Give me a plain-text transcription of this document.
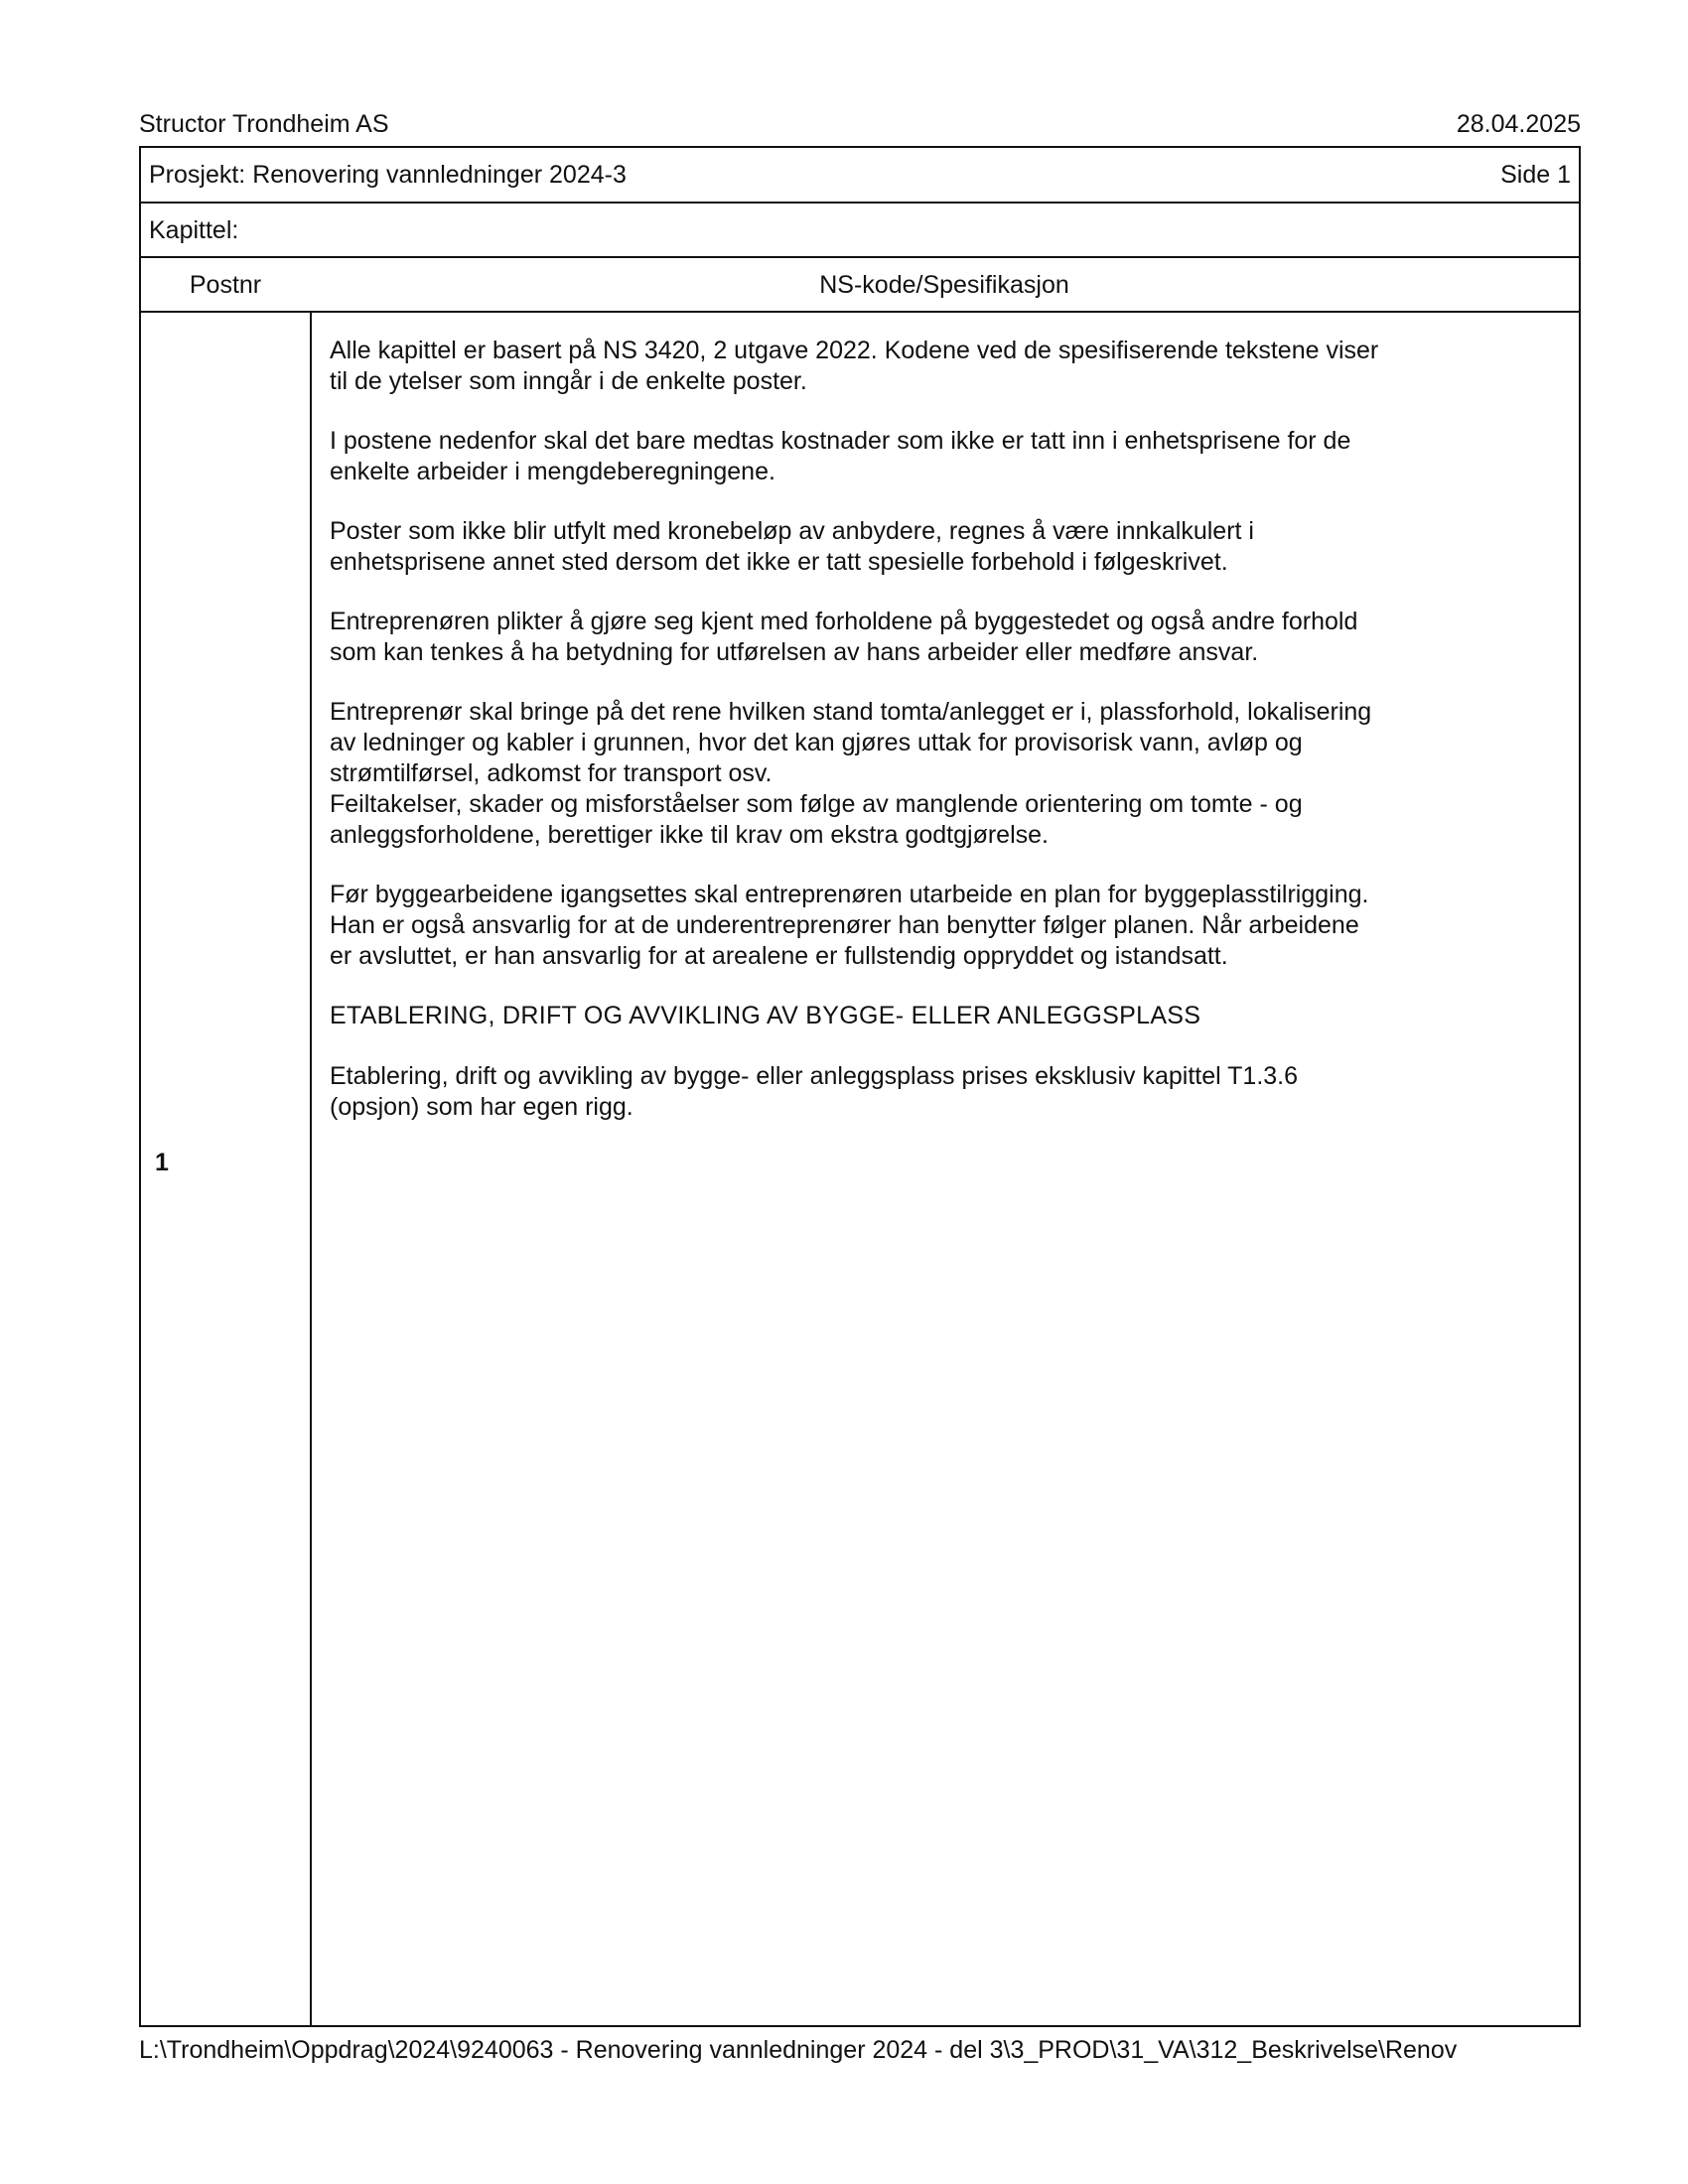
Structor Trondheim AS	28.04.2025
Prosjekt: Renovering vannledninger 2024-3	Side 1
Kapittel:
Postnr	NS-kode/Spesifikasjon
1

Alle kapittel er basert på NS 3420, 2 utgave 2022. Kodene ved de spesifiserende tekstene viser
til de ytelser som inngår i de enkelte poster.

I postene nedenfor skal det bare medtas kostnader som ikke er tatt inn i enhetsprisene for de
enkelte arbeider i mengdeberegningene.

Poster som ikke blir utfylt med kronebeløp av anbydere, regnes å være innkalkulert i
enhetsprisene annet sted dersom det ikke er tatt spesielle forbehold i følgeskrivet.

Entreprenøren plikter å gjøre seg kjent med forholdene på byggestedet og også andre forhold
som kan tenkes å ha betydning for utførelsen av hans arbeider eller medføre ansvar.

Entreprenør skal bringe på det rene hvilken stand tomta/anlegget er i, plassforhold, lokalisering
av ledninger og kabler i grunnen, hvor det kan gjøres uttak for provisorisk vann, avløp og
strømtilførsel, adkomst for transport osv.
Feiltakelser, skader og misforståelser som følge av manglende orientering om tomte - og
anleggsforholdene, berettiger ikke til krav om ekstra godtgjørelse.

Før byggearbeidene igangsettes skal entreprenøren utarbeide en plan for byggeplasstilrigging.
Han er også ansvarlig for at de underentreprenører han benytter følger planen. Når arbeidene
er avsluttet, er han ansvarlig for at arealene er fullstendig oppryddet og istandsatt.

ETABLERING, DRIFT OG AVVIKLING AV BYGGE- ELLER ANLEGGSPLASS

Etablering, drift og avvikling av bygge- eller anleggsplass prises eksklusiv kapittel T1.3.6
(opsjon) som har egen rigg.

L:\Trondheim\Oppdrag\2024\9240063 - Renovering vannledninger 2024 - del 3\3_PROD\31_VA\312_Beskrivelse\Renov
